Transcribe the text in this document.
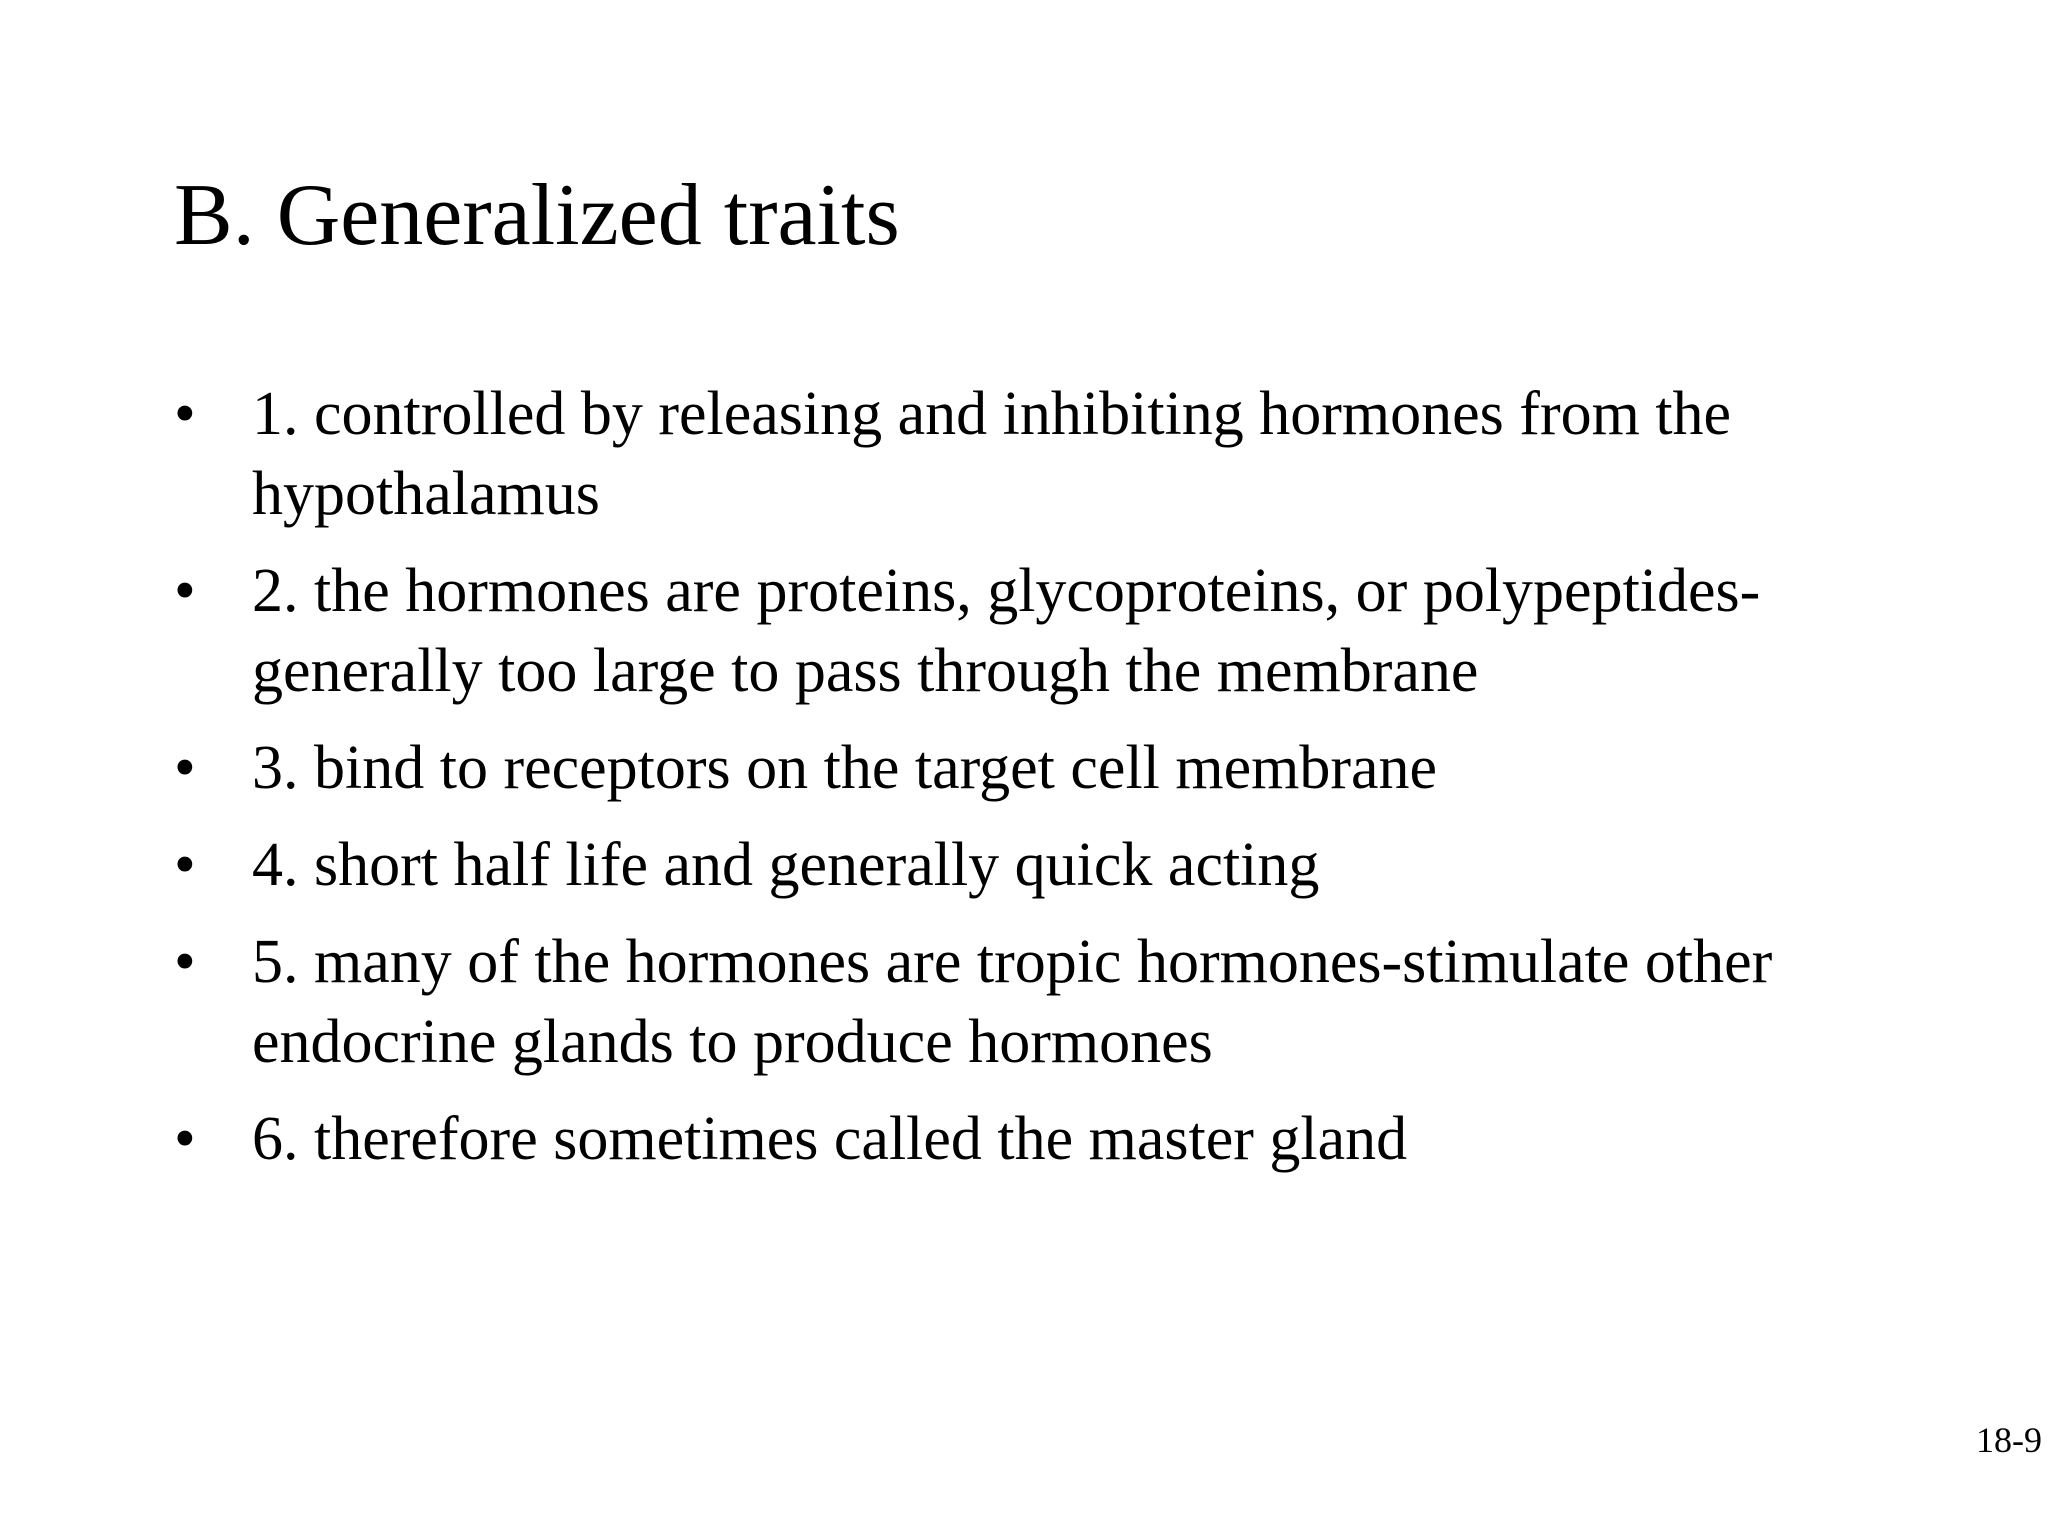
B. Generalized traits
• 1. controlled by releasing and inhibiting hormones from the hypothalamus
• 2. the hormones are proteins, glycoproteins, or polypeptides-generally too large to pass through the membrane
• 3. bind to receptors on the target cell membrane
• 4. short half life and generally quick acting
• 5. many of the hormones are tropic hormones-stimulate other endocrine glands to produce hormones
• 6. therefore sometimes called the master gland
18-9
